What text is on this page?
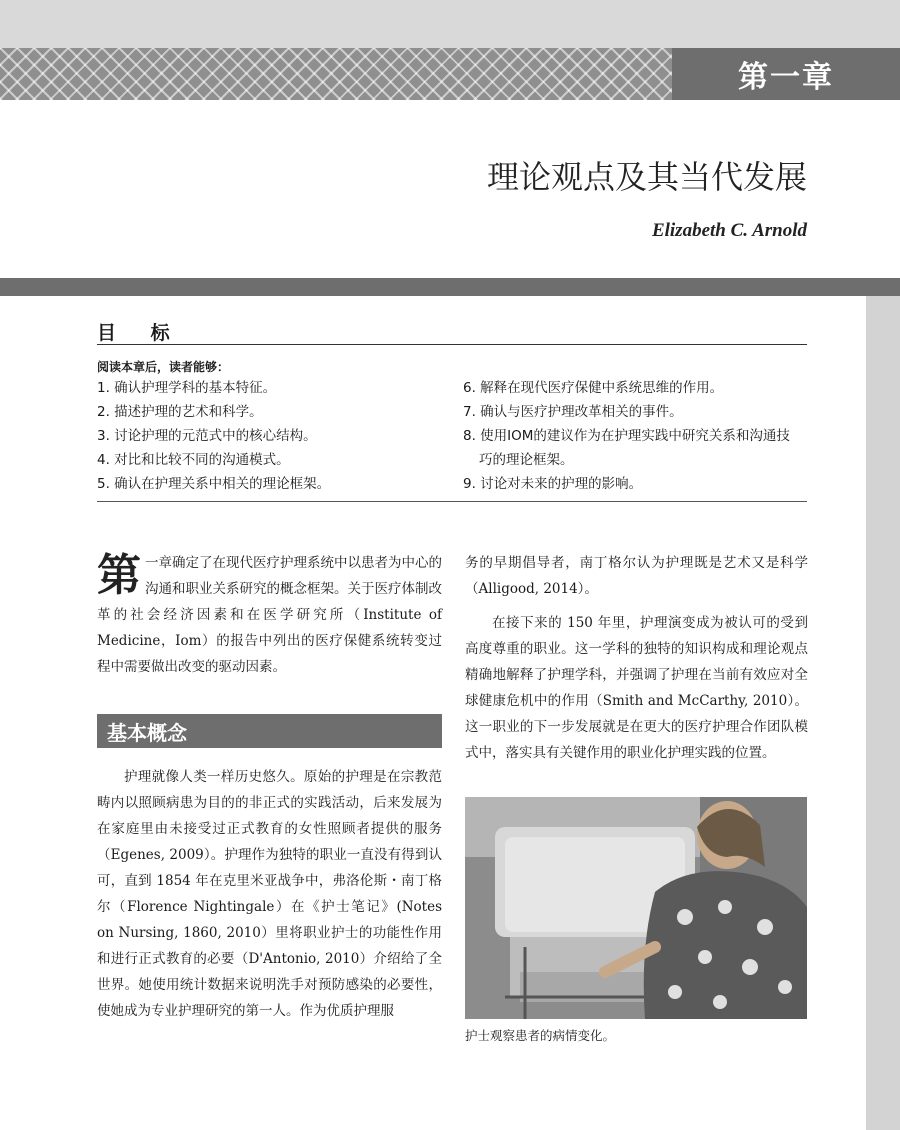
第一章
理论观点及其当代发展
Elizabeth C. Arnold
目 标
阅读本章后，读者能够：
1. 确认护理学科的基本特征。
2. 描述护理的艺术和科学。
3. 讨论护理的元范式中的核心结构。
4. 对比和比较不同的沟通模式。
5. 确认在护理关系中相关的理论框架。
6. 解释在现代医疗保健中系统思维的作用。
7. 确认与医疗护理改革相关的事件。
8. 使用IOM的建议作为在护理实践中研究关系和沟通技
巧的理论框架。
9. 讨论对未来的护理的影响。

第一章确定了在现代医疗护理系统中以患者为中心的沟通和职业关系研究的概念框架。关于医疗体制改革的社会经济因素和在医学研究所（Institute of Medicine，Iom）的报告中列出的医疗保健系统转变过程中需要做出改变的驱动因素。

基本概念

护理就像人类一样历史悠久。原始的护理是在宗教范畴内以照顾病患为目的的非正式的实践活动，后来发展为在家庭里由未接受过正式教育的女性照顾者提供的服务（Egenes, 2009）。护理作为独特的职业一直没有得到认可，直到 1854 年在克里米亚战争中，弗洛伦斯・南丁格尔（Florence Nightingale）在《护士笔记》(Notes on Nursing, 1860, 2010）里将职业护士的功能性作用和进行正式教育的必要（D'Antonio, 2010）介绍给了全世界。她使用统计数据来说明洗手对预防感染的必要性，使她成为专业护理研究的第一人。作为优质护理服

务的早期倡导者，南丁格尔认为护理既是艺术又是科学（Alligood, 2014）。

在接下来的 150 年里，护理演变成为被认可的受到高度尊重的职业。这一学科的独特的知识构成和理论观点精确地解释了护理学科，并强调了护理在当前有效应对全球健康危机中的作用（Smith and McCarthy, 2010）。这一职业的下一步发展就是在更大的医疗护理合作团队模式中，落实具有关键作用的职业化护理实践的位置。

护士观察患者的病情变化。
